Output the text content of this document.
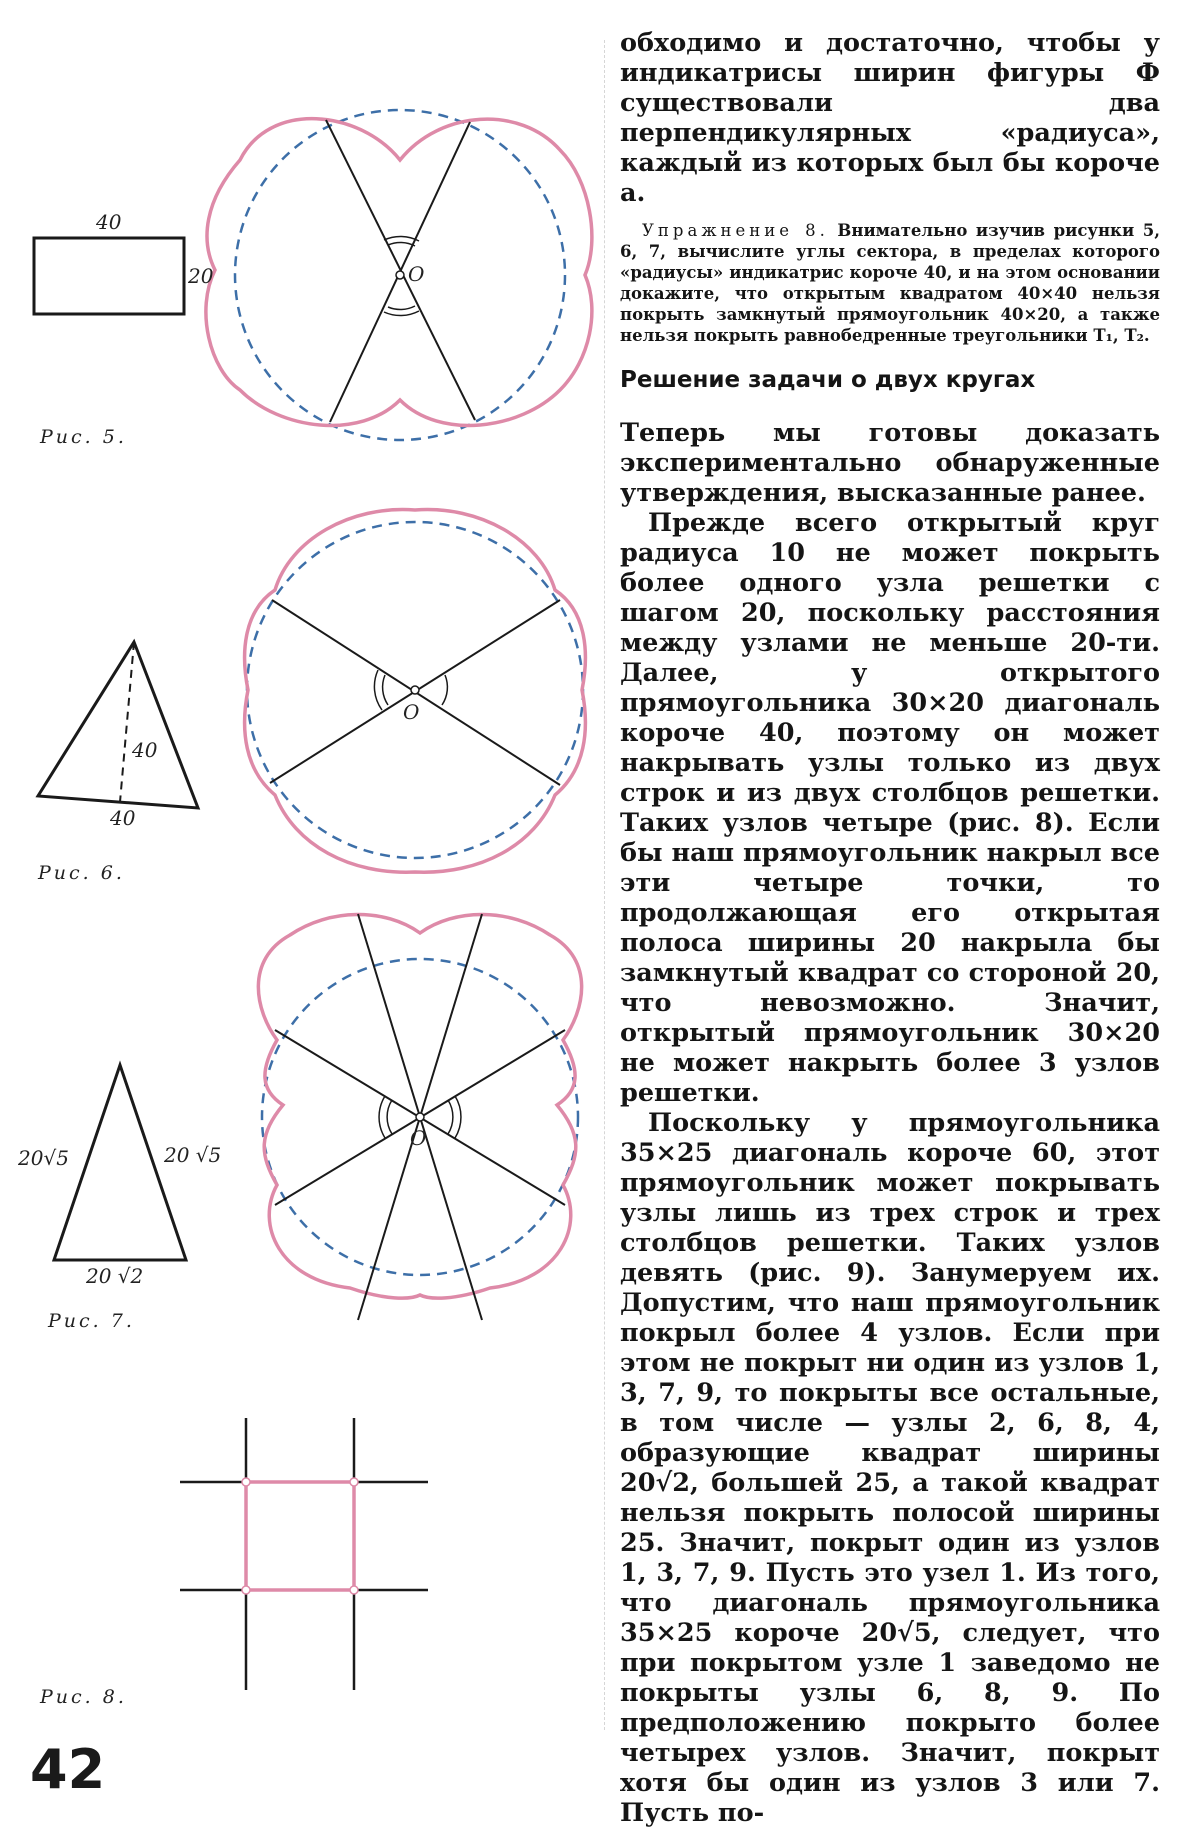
40
20	O
Рис. 5.
40
40
O
Рис. 6.
20√5	20 √5
20 √2
O
Рис. 7.
Рис. 8.

обходимо и достаточно, чтобы у индикатрисы ширин фигуры Ф существовали два перпендикулярных «радиуса», каждый из которых был бы короче a.

Упражнение 8. Внимательно изучив рисунки 5, 6, 7, вычислите углы сектора, в пределах которого «радиусы» индикатрис короче 40, и на этом основании докажите, что открытым квадратом 40×40 нельзя покрыть замкнутый прямоугольник 40×20, а также нельзя покрыть равнобедренные треугольники T₁, T₂.

Решение задачи о двух кругах

Теперь мы готовы доказать экспериментально обнаруженные утверждения, высказанные ранее.

Прежде всего открытый круг радиуса 10 не может покрыть более одного узла решетки с шагом 20, поскольку расстояния между узлами не меньше 20-ти. Далее, у открытого прямоугольника 30×20 диагональ короче 40, поэтому он может накрывать узлы только из двух строк и из двух столбцов решетки. Таких узлов четыре (рис. 8). Если бы наш прямоугольник накрыл все эти четыре точки, то продолжающая его открытая полоса ширины 20 накрыла бы замкнутый квадрат со стороной 20, что невозможно. Значит, открытый прямоугольник 30×20 не может накрыть более 3 узлов решетки.

Поскольку у прямоугольника 35×25 диагональ короче 60, этот прямоугольник может покрывать узлы лишь из трех строк и трех столбцов решетки. Таких узлов девять (рис. 9). Занумеруем их. Допустим, что наш прямоугольник покрыл более 4 узлов. Если при этом не покрыт ни один из узлов 1, 3, 7, 9, то покрыты все остальные, в том числе — узлы 2, 6, 8, 4, образующие квадрат ширины 20√2, большей 25, а такой квадрат нельзя покрыть полосой ширины 25. Значит, покрыт один из узлов 1, 3, 7, 9. Пусть это узел 1. Из того, что диагональ прямоугольника 35×25 короче 20√5, следует, что при покрытом узле 1 заведомо не покрыты узлы 6, 8, 9. По предположению покрыто более четырех узлов. Значит, покрыт хотя бы один из узлов 3 или 7. Пусть по-

42
